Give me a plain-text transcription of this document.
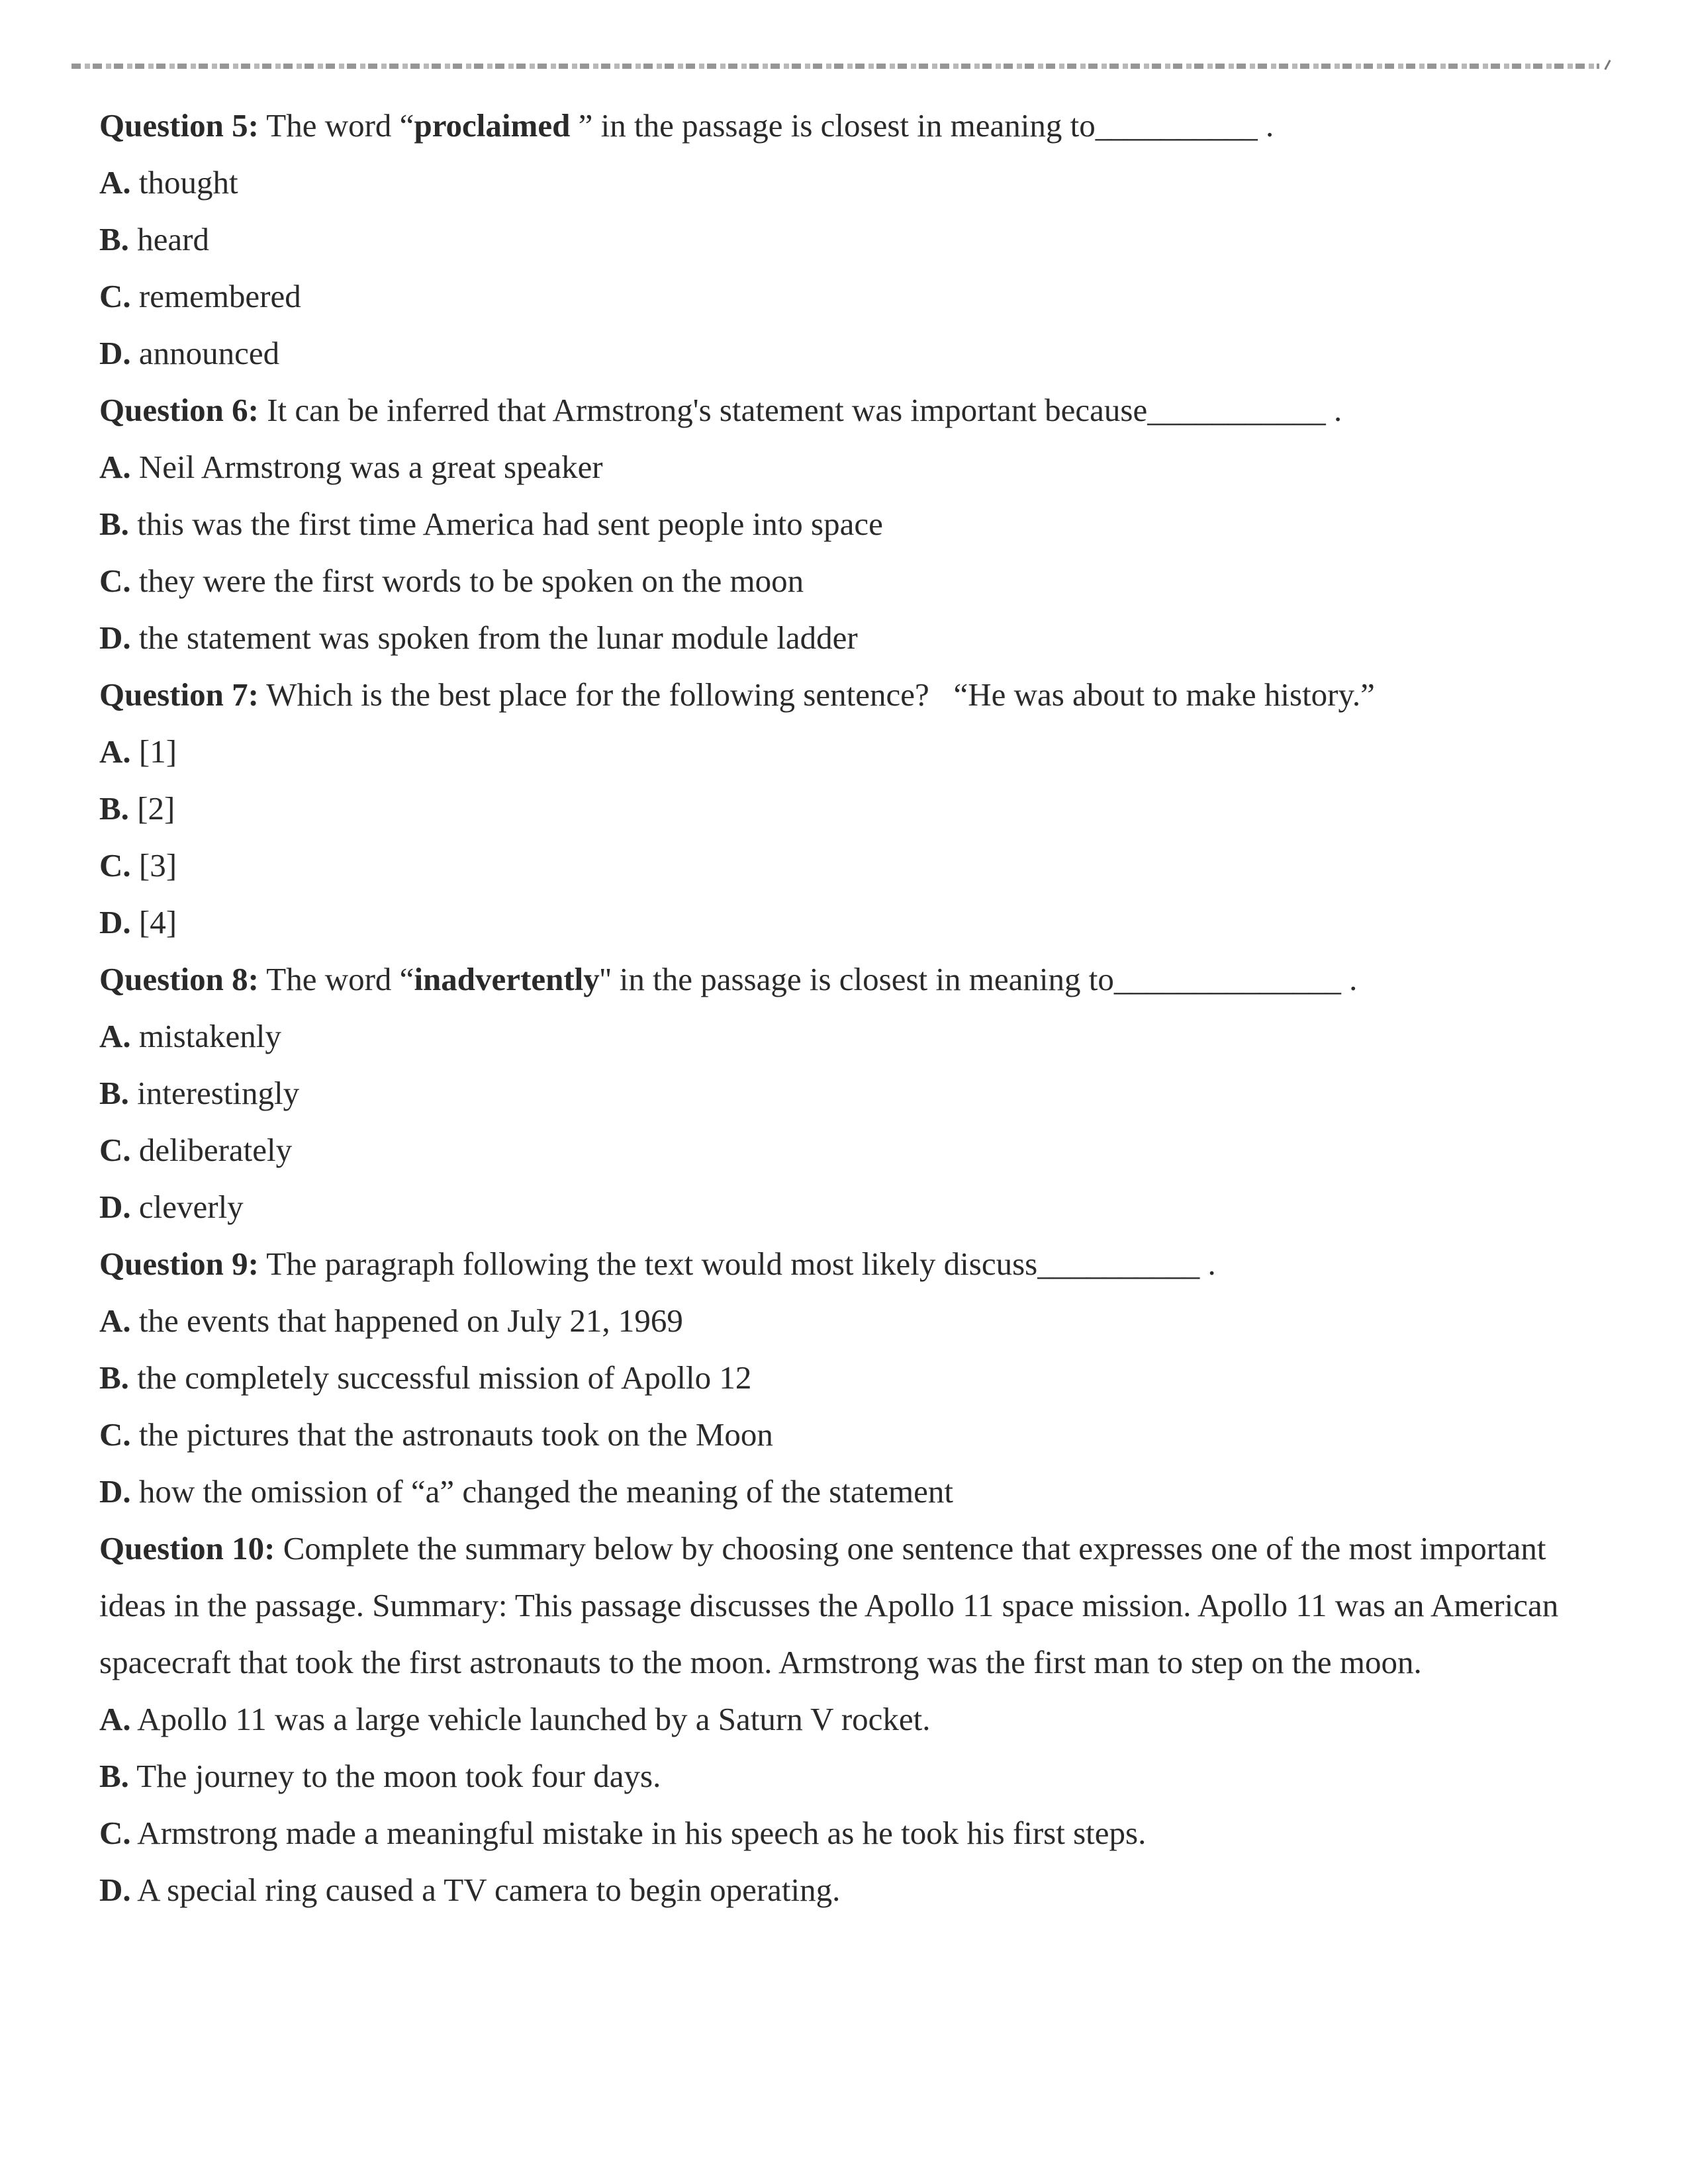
Question 5: The word “proclaimed ” in the passage is closest in meaning to__________ .
A. thought
B. heard
C. remembered
D. announced
Question 6: It can be inferred that Armstrong's statement was important because___________ .
A. Neil Armstrong was a great speaker
B. this was the first time America had sent people into space
C. they were the first words to be spoken on the moon
D. the statement was spoken from the lunar module ladder
Question 7: Which is the best place for the following sentence?   “He was about to make history.”
A. [1]
B. [2]
C. [3]
D. [4]
Question 8: The word “inadvertently'' in the passage is closest in meaning to______________ .
A. mistakenly
B. interestingly
C. deliberately
D. cleverly
Question 9: The paragraph following the text would most likely discuss__________ .
A. the events that happened on July 21, 1969
B. the completely successful mission of Apollo 12
C. the pictures that the astronauts took on the Moon
D. how the omission of “a” changed the meaning of the statement
Question 10: Complete the summary below by choosing one sentence that expresses one of the most important ideas in the passage. Summary: This passage discusses the Apollo 11 space mission. Apollo 11 was an American spacecraft that took the first astronauts to the moon. Armstrong was the first man to step on the moon.
A. Apollo 11 was a large vehicle launched by a Saturn V rocket.
B. The journey to the moon took four days.
C. Armstrong made a meaningful mistake in his speech as he took his first steps.
D. A special ring caused a TV camera to begin operating.
